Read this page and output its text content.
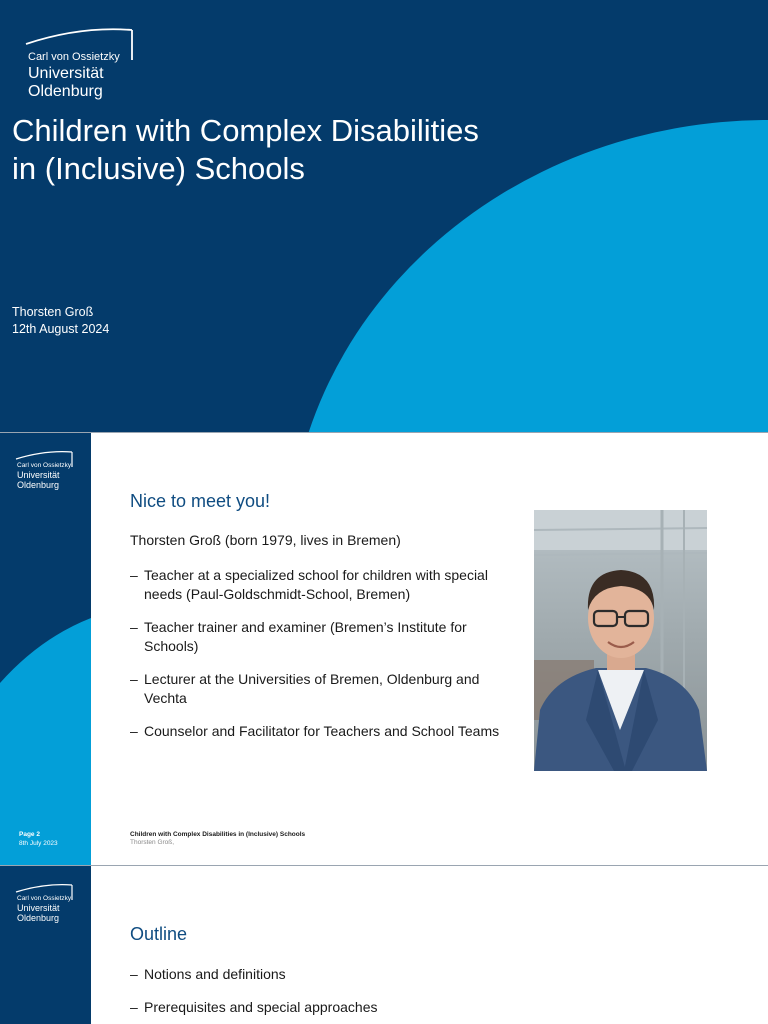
Carl von Ossietzky
Universität
Oldenburg
Children with Complex Disabilities
in (Inclusive) Schools
Thorsten Groß
12th August 2024
Carl von Ossietzky
Universität
Oldenburg
Page 2
8th July 2023
Nice to meet you!
Thorsten Groß (born 1979, lives in Bremen)
– Teacher at a specialized school for children with special needs (Paul-Goldschmidt-School, Bremen)
– Teacher trainer and examiner (Bremen’s Institute for Schools)
– Lecturer at the Universities of Bremen, Oldenburg and Vechta
– Counselor and Facilitator for Teachers and School Teams
Children with Complex Disabilities in (Inclusive) Schools
Thorsten Groß,
Carl von Ossietzky
Universität
Oldenburg
Outline
– Notions and definitions
– Prerequisites and special approaches
